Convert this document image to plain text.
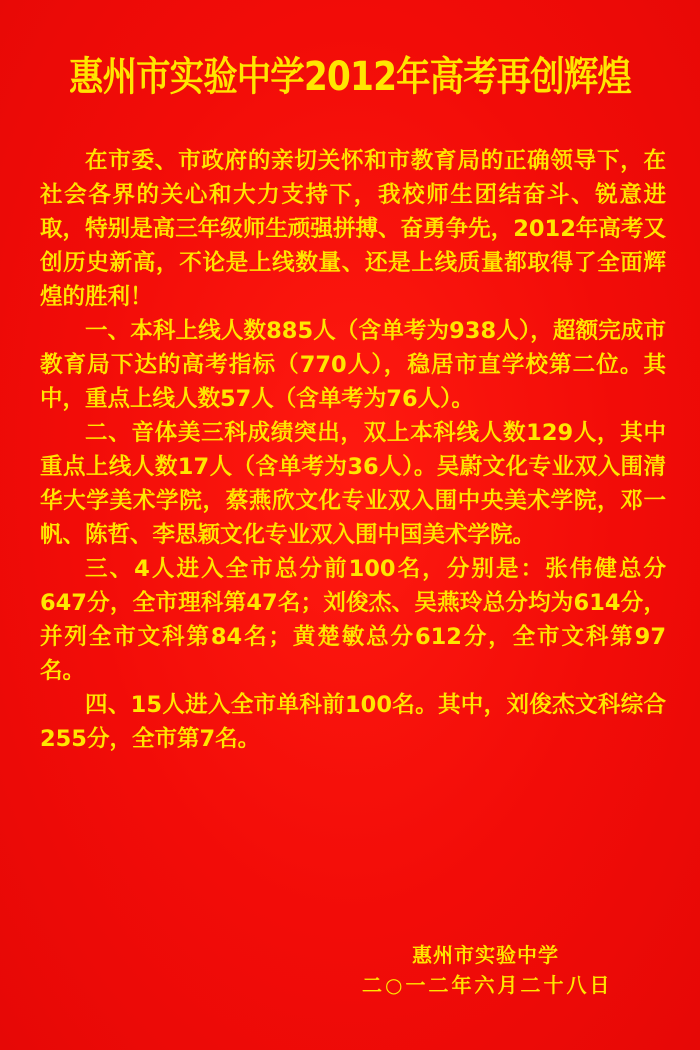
惠州市实验中学2012年高考再创辉煌

在市委、市政府的亲切关怀和市教育局的正确领导下，在社会各界的关心和大力支持下，我校师生团结奋斗、锐意进取，特别是高三年级师生顽强拼搏、奋勇争先，2012年高考又创历史新高，不论是上线数量、还是上线质量都取得了全面辉煌的胜利！

一、本科上线人数885人（含单考为938人），超额完成市教育局下达的高考指标（770人），稳居市直学校第二位。其中，重点上线人数57人（含单考为76人）。

二、音体美三科成绩突出，双上本科线人数129人，其中重点上线人数17人（含单考为36人）。吴蔚文化专业双入围清华大学美术学院，蔡燕欣文化专业双入围中央美术学院，邓一帆、陈哲、李思颖文化专业双入围中国美术学院。

三、4人进入全市总分前100名，分别是：张伟健总分647分，全市理科第47名；刘俊杰、吴燕玲总分均为614分，并列全市文科第84名；黄楚敏总分612分，全市文科第97名。

四、15人进入全市单科前100名。其中，刘俊杰文科综合255分，全市第7名。

惠州市实验中学
二○一二年六月二十八日
